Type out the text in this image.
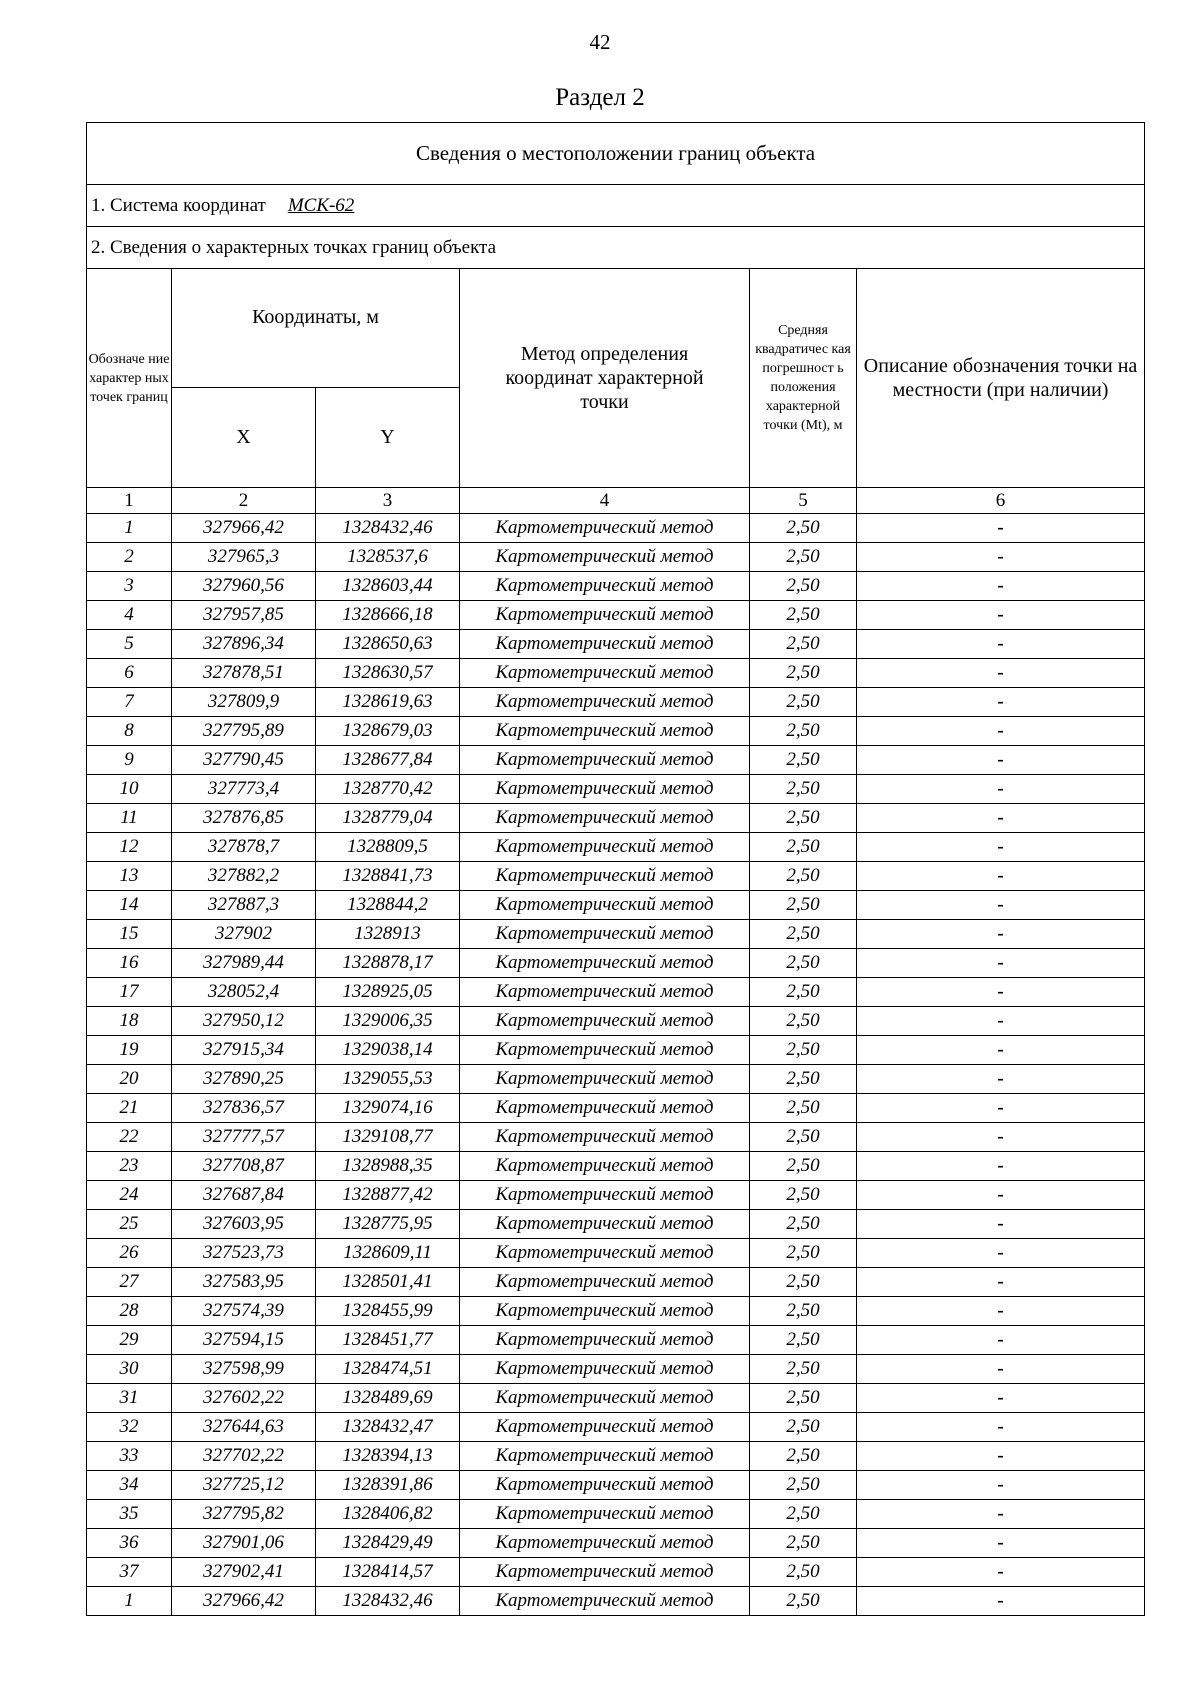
42
Раздел 2
Сведения о местоположении границ объекта					
1. Система координат МСК-62					
2. Сведения о характерных точках границ объекта					
Обозначе ние характер ных точек границ	Координаты, м		Метод определения координат характерной точки	Средняя квадратичес кая погрешност ь положения характерной точки (Mt), м	Описание обозначения точки на местности (при наличии)
	X	Y			
1	2	3	4	5	6
1	327966,42	1328432,46	Картометрический метод	2,50	-
2	327965,3	1328537,6	Картометрический метод	2,50	-
3	327960,56	1328603,44	Картометрический метод	2,50	-
4	327957,85	1328666,18	Картометрический метод	2,50	-
5	327896,34	1328650,63	Картометрический метод	2,50	-
6	327878,51	1328630,57	Картометрический метод	2,50	-
7	327809,9	1328619,63	Картометрический метод	2,50	-
8	327795,89	1328679,03	Картометрический метод	2,50	-
9	327790,45	1328677,84	Картометрический метод	2,50	-
10	327773,4	1328770,42	Картометрический метод	2,50	-
11	327876,85	1328779,04	Картометрический метод	2,50	-
12	327878,7	1328809,5	Картометрический метод	2,50	-
13	327882,2	1328841,73	Картометрический метод	2,50	-
14	327887,3	1328844,2	Картометрический метод	2,50	-
15	327902	1328913	Картометрический метод	2,50	-
16	327989,44	1328878,17	Картометрический метод	2,50	-
17	328052,4	1328925,05	Картометрический метод	2,50	-
18	327950,12	1329006,35	Картометрический метод	2,50	-
19	327915,34	1329038,14	Картометрический метод	2,50	-
20	327890,25	1329055,53	Картометрический метод	2,50	-
21	327836,57	1329074,16	Картометрический метод	2,50	-
22	327777,57	1329108,77	Картометрический метод	2,50	-
23	327708,87	1328988,35	Картометрический метод	2,50	-
24	327687,84	1328877,42	Картометрический метод	2,50	-
25	327603,95	1328775,95	Картометрический метод	2,50	-
26	327523,73	1328609,11	Картометрический метод	2,50	-
27	327583,95	1328501,41	Картометрический метод	2,50	-
28	327574,39	1328455,99	Картометрический метод	2,50	-
29	327594,15	1328451,77	Картометрический метод	2,50	-
30	327598,99	1328474,51	Картометрический метод	2,50	-
31	327602,22	1328489,69	Картометрический метод	2,50	-
32	327644,63	1328432,47	Картометрический метод	2,50	-
33	327702,22	1328394,13	Картометрический метод	2,50	-
34	327725,12	1328391,86	Картометрический метод	2,50	-
35	327795,82	1328406,82	Картометрический метод	2,50	-
36	327901,06	1328429,49	Картометрический метод	2,50	-
37	327902,41	1328414,57	Картометрический метод	2,50	-
1	327966,42	1328432,46	Картометрический метод	2,50	-
